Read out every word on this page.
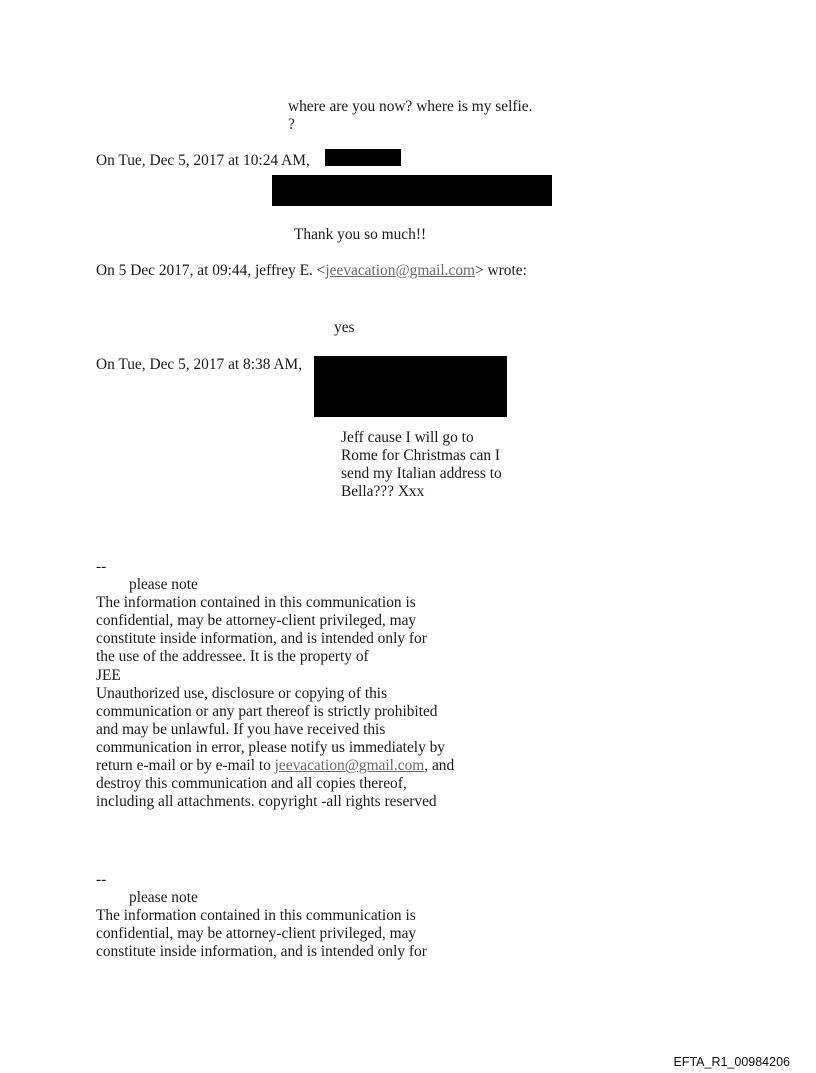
where are you now? where is my selfie.
?
On Tue, Dec 5, 2017 at 10:24 AM,
Thank you so much!!
On 5 Dec 2017, at 09:44, jeffrey E. <jeevacation@gmail.com> wrote:
yes
On Tue, Dec 5, 2017 at 8:38 AM,
Jeff cause I will go to
Rome for Christmas can I
send my Italian address to
Bella??? Xxx
--
please note
The information contained in this communication is
confidential, may be attorney-client privileged, may
constitute inside information, and is intended only for
the use of the addressee. It is the property of
JEE
Unauthorized use, disclosure or copying of this
communication or any part thereof is strictly prohibited
and may be unlawful. If you have received this
communication in error, please notify us immediately by
return e-mail or by e-mail to jeevacation@gmail.com, and
destroy this communication and all copies thereof,
including all attachments. copyright -all rights reserved
--
please note
The information contained in this communication is
confidential, may be attorney-client privileged, may
constitute inside information, and is intended only for
EFTA_R1_00984206
